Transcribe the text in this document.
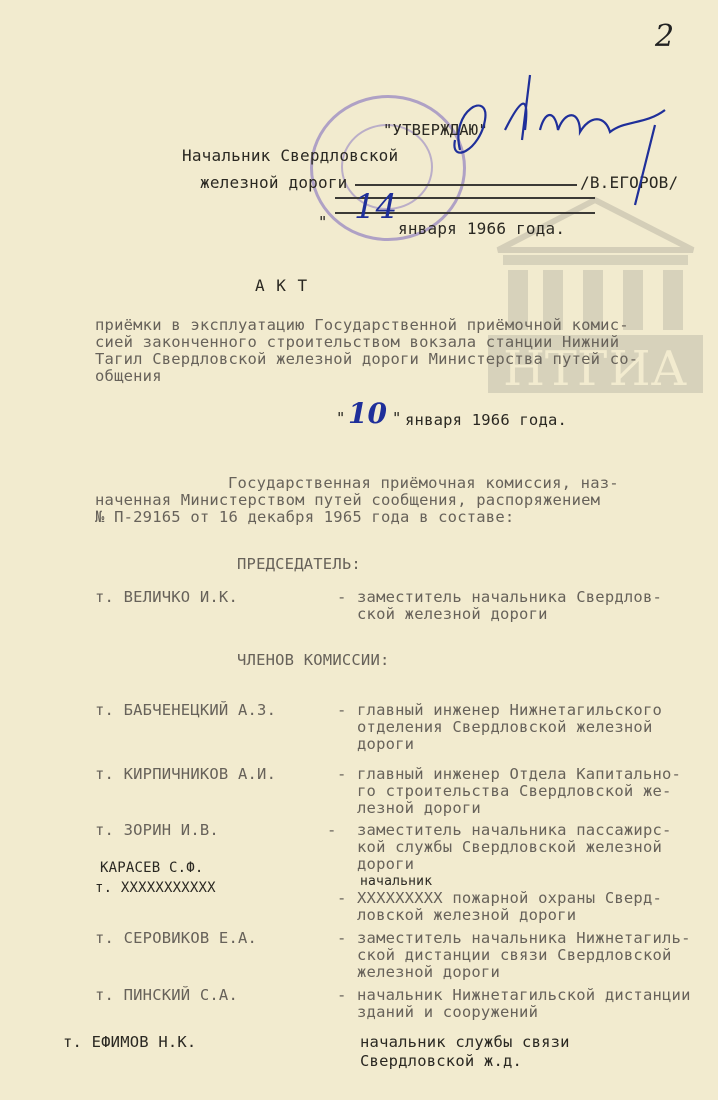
2
НТГИА
"УТВЕРЖДАЮ"
Начальник Свердловской
железной дороги	/В.ЕГОРОВ/
"	января 1966 года.
14
А К Т
приёмки в эксплуатацию Государственной приёмочной комис-
сией законченного строительством вокзала станции Нижний
Тагил Свердловской железной дороги Министерства путей со-
общения
" 10 " января 1966 года.
Государственная приёмочная комиссия, наз-
наченная Министерством путей сообщения, распоряжением
№ П-29165 от 16 декабря 1965 года в составе:
ПРЕДСЕДАТЕЛЬ:
т. ВЕЛИЧКО И.К.	- заместитель начальника Свердлов-
ской железной дороги
ЧЛЕНОВ КОМИССИИ:
т. БАБЧЕНЕЦКИЙ А.З.	- главный инженер Нижнетагильского
отделения Свердловской железной
дороги
т. КИРПИЧНИКОВ А.И.	- главный инженер Отдела Капитально-
го строительства Свердловской же-
лезной дороги
т. ЗОРИН И.В.	- заместитель начальника пассажирс-
кой службы Свердловской железной
дороги
КАРАСЕВ С.Ф.
т. XXXXXXXXXXX	начальник
- XXXXXXXXX пожарной охраны Сверд-
ловской железной дороги
т. СЕРОВИКОВ Е.А.	- заместитель начальника Нижнетагиль-
ской дистанции связи Свердловской
железной дороги
т. ПИНСКИЙ С.А.	- начальник Нижнетагильской дистанции
зданий и сооружений
т. ЕФИМОВ Н.К.	начальник службы связи
Свердловской ж.д.
